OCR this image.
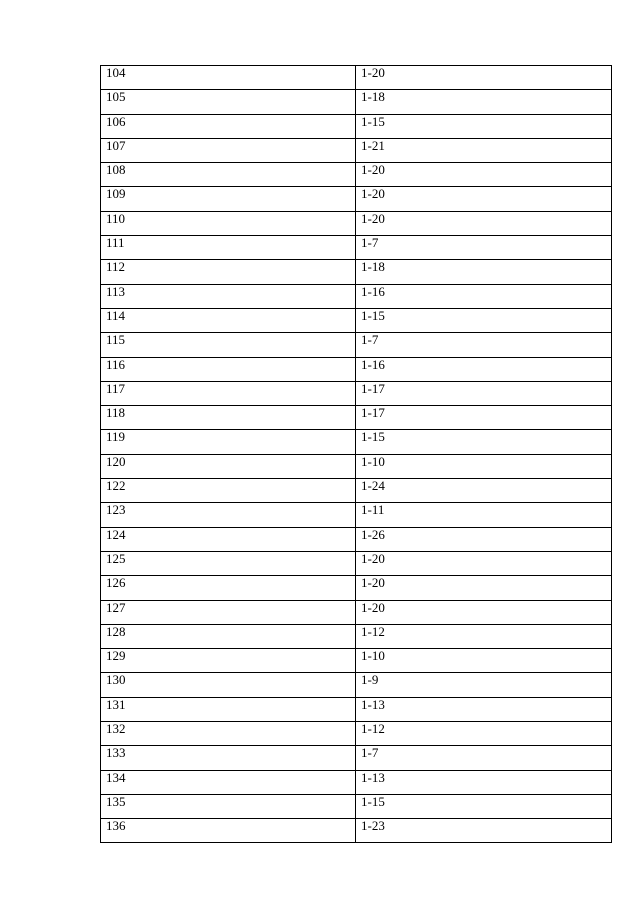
104	1-20
105	1-18
106	1-15
107	1-21
108	1-20
109	1-20
110	1-20
111	1-7
112	1-18
113	1-16
114	1-15
115	1-7
116	1-16
117	1-17
118	1-17
119	1-15
120	1-10
122	1-24
123	1-11
124	1-26
125	1-20
126	1-20
127	1-20
128	1-12
129	1-10
130	1-9
131	1-13
132	1-12
133	1-7
134	1-13
135	1-15
136	1-23
